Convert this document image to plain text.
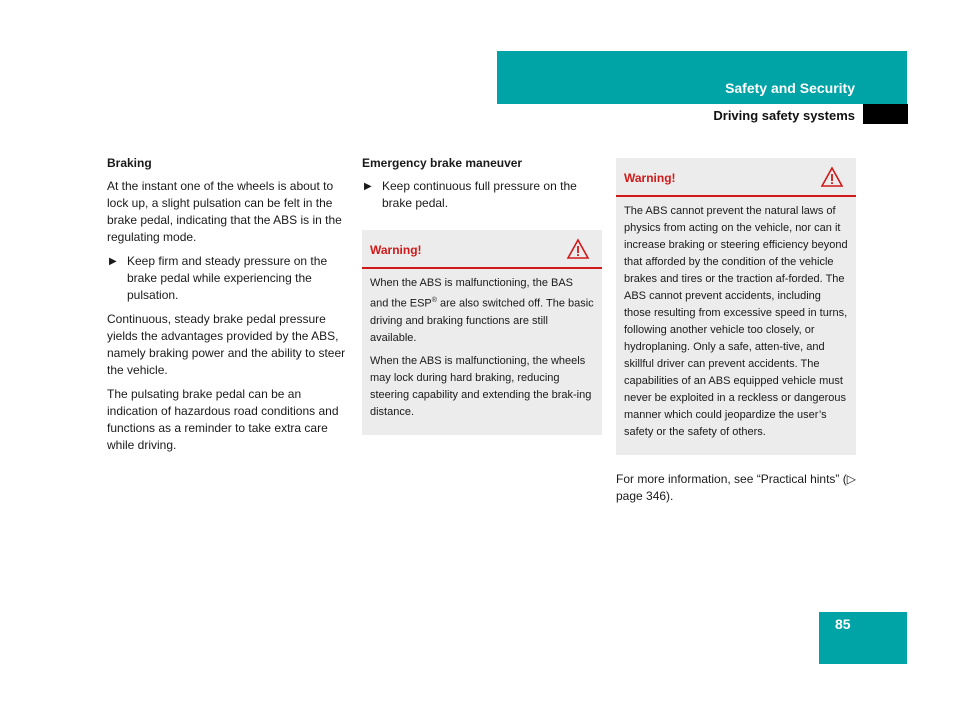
Safety and Security
Driving safety systems
Braking

At the instant one of the wheels is about to lock up, a slight pulsation can be felt in the brake pedal, indicating that the ABS is in the regulating mode.

▶ Keep firm and steady pressure on the brake pedal while experiencing the pulsation.

Continuous, steady brake pedal pressure yields the advantages provided by the ABS, namely braking power and the ability to steer the vehicle.

The pulsating brake pedal can be an indication of hazardous road conditions and functions as a reminder to take extra care while driving.

Emergency brake maneuver
▶ Keep continuous full pressure on the brake pedal.
Warning!

When the ABS is malfunctioning, the BAS and the ESP® are also switched off. The basic driving and braking functions are still available.

When the ABS is malfunctioning, the wheels may lock during hard braking, reducing steering capability and extending the brak-ing distance.

Warning!

The ABS cannot prevent the natural laws of physics from acting on the vehicle, nor can it increase braking or steering efficiency beyond that afforded by the condition of the vehicle brakes and tires or the traction af-forded. The ABS cannot prevent accidents, including those resulting from excessive speed in turns, following another vehicle too closely, or hydroplaning. Only a safe, atten-tive, and skillful driver can prevent accidents. The capabilities of an ABS equipped vehicle must never be exploited in a reckless or dangerous manner which could jeopardize the user’s safety or the safety of others.

For more information, see “Practical hints” (▷ page 346).

85
